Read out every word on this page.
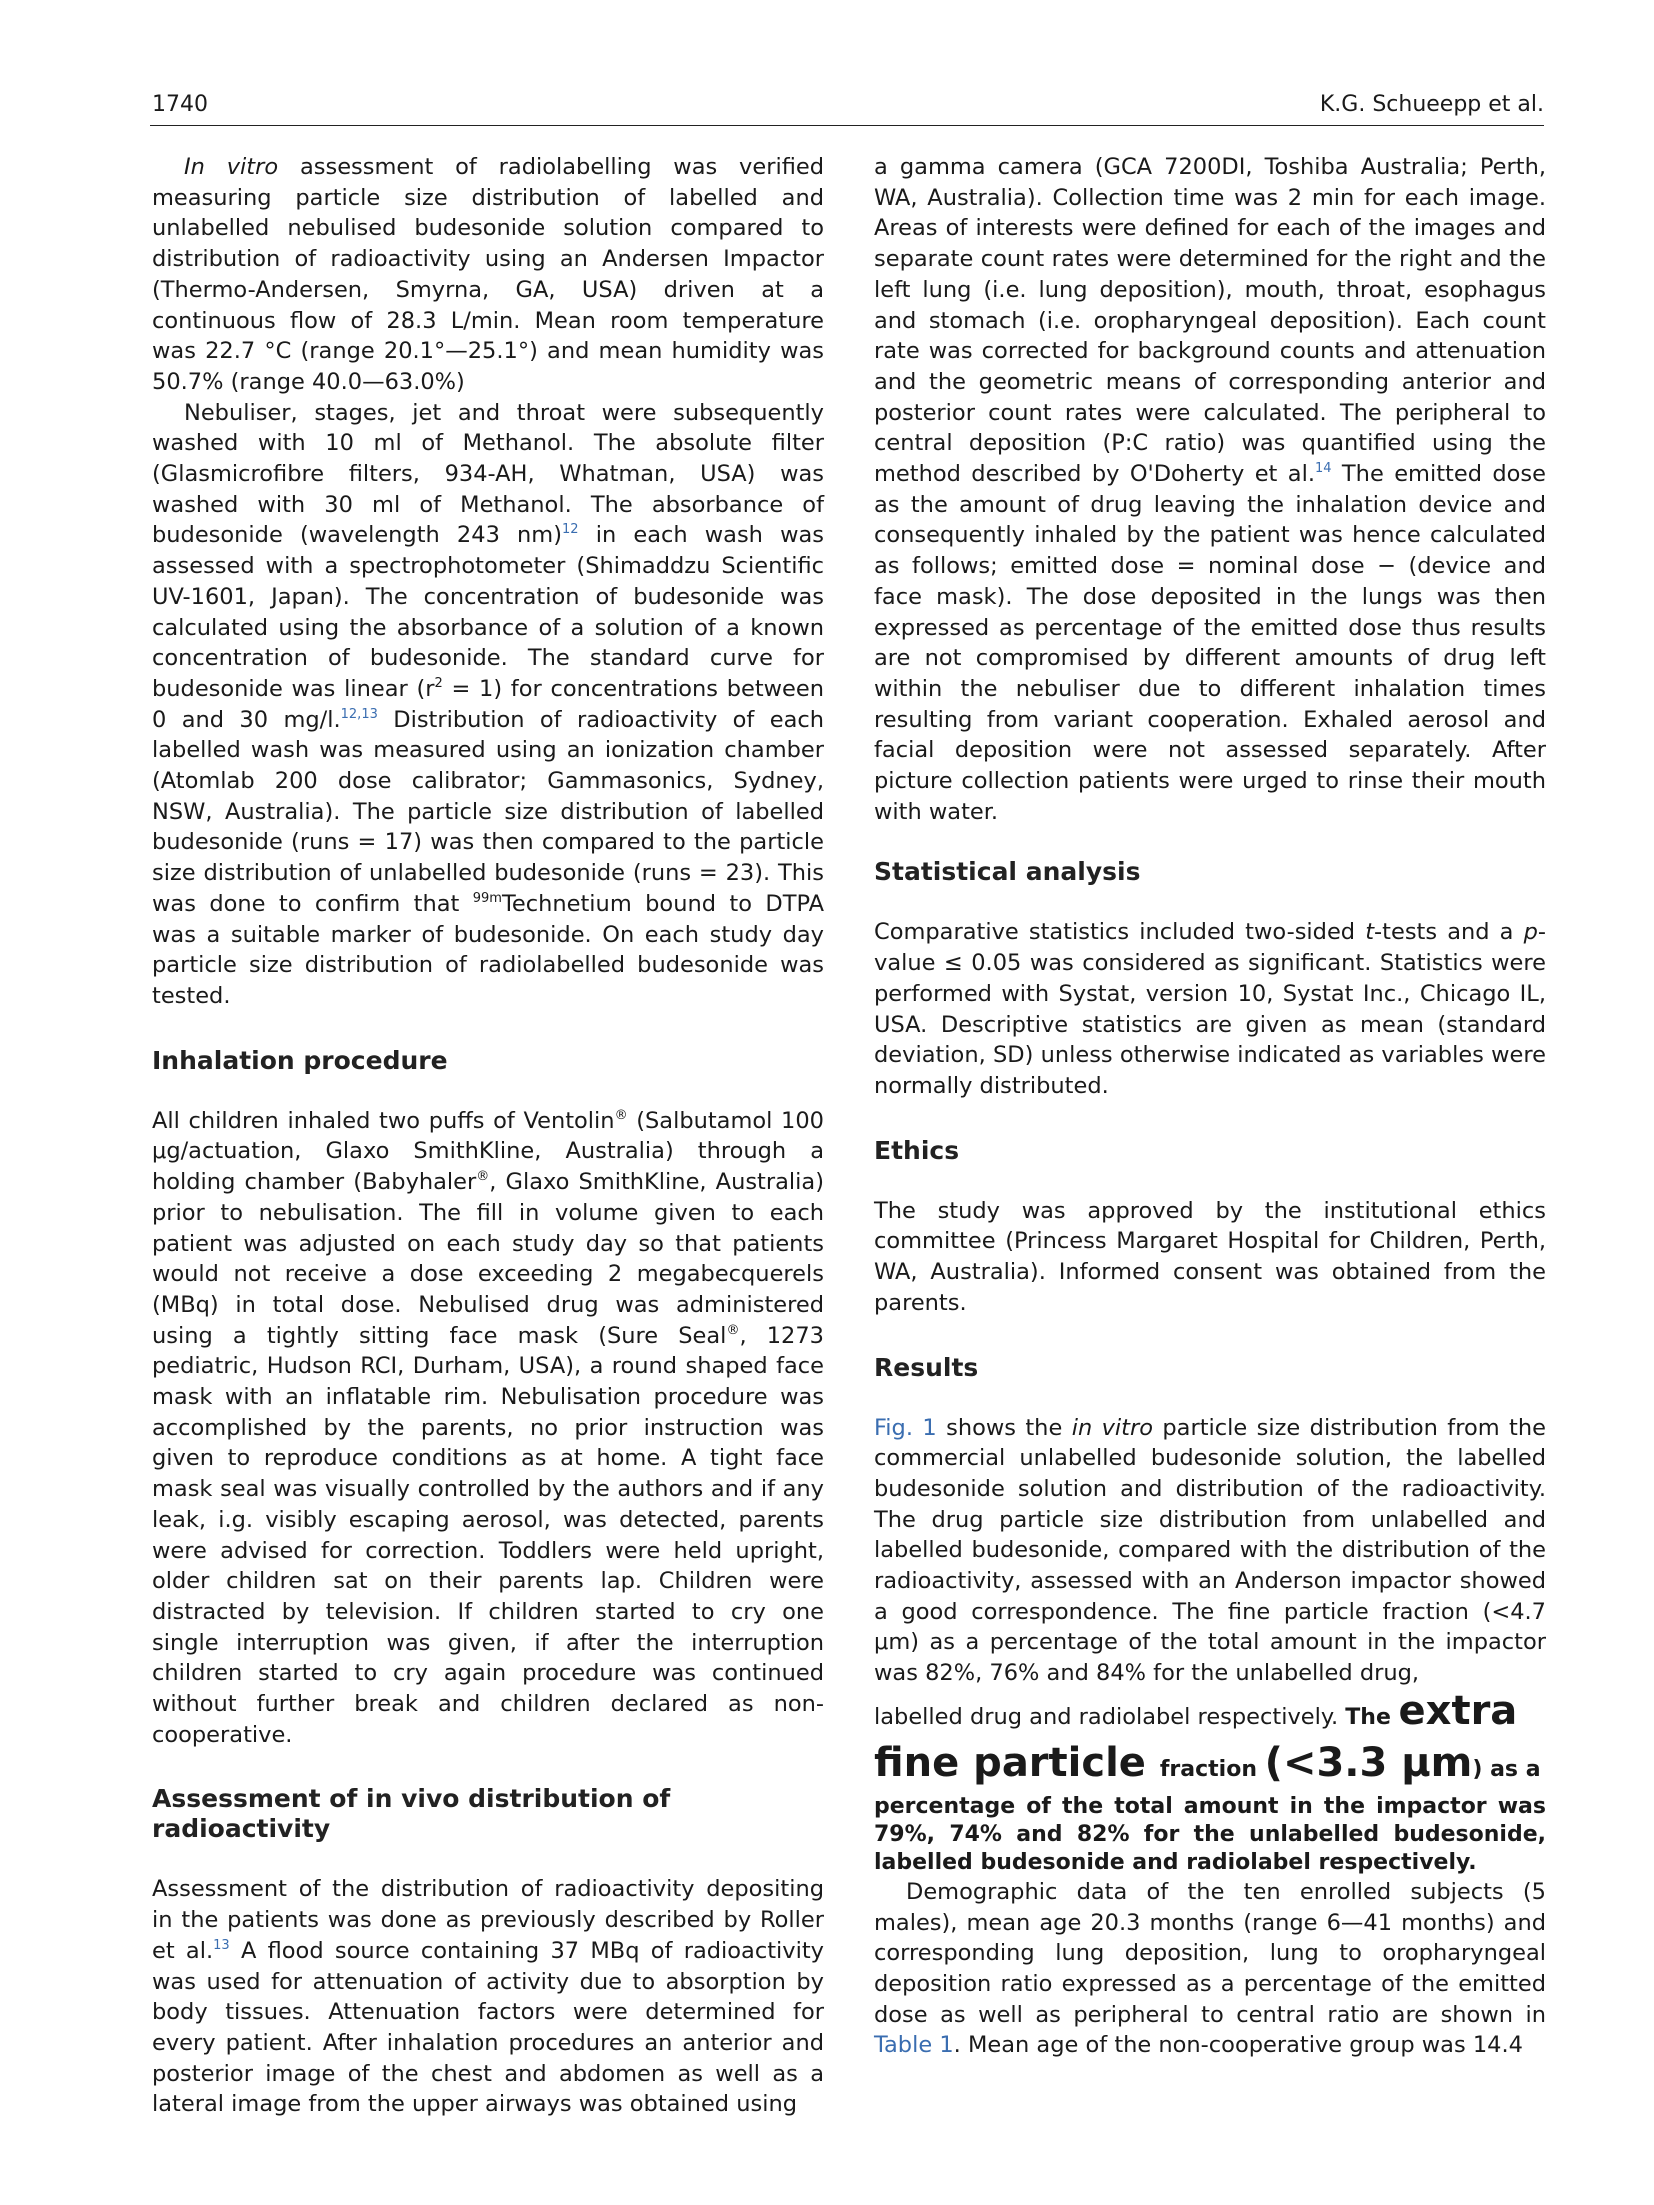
1740	K.G. Schueepp et al.

In vitro assessment of radiolabelling was verified measuring particle size distribution of labelled and unlabelled nebulised budesonide solution compared to distribution of radioactivity using an Andersen Impactor (Thermo-Andersen, Smyrna, GA, USA) driven at a continuous flow of 28.3 L/min. Mean room temperature was 22.7 °C (range 20.1°—25.1°) and mean humidity was 50.7% (range 40.0—63.0%)

Nebuliser, stages, jet and throat were subsequently washed with 10 ml of Methanol. The absolute filter (Glasmicrofibre filters, 934-AH, Whatman, USA) was washed with 30 ml of Methanol. The absorbance of budesonide (wavelength 243 nm)$^{12}$ in each wash was assessed with a spectrophotometer (Shimaddzu Scientific UV-1601, Japan). The concentration of budesonide was calculated using the absorbance of a solution of a known concentration of budesonide. The standard curve for budesonide was linear $(r^2 = 1)$ for concentrations between 0 and 30 mg/l.$^{12,13}$ Distribution of radioactivity of each labelled wash was measured using an ionization chamber (Atomlab 200 dose calibrator; Gammasonics, Sydney, NSW, Australia). The particle size distribution of labelled budesonide (runs = 17) was then compared to the particle size distribution of unlabelled budesonide (runs = 23). This was done to confirm that $^{99m}$Technetium bound to DTPA was a suitable marker of budesonide. On each study day particle size distribution of radiolabelled budesonide was tested.

Inhalation procedure

All children inhaled two puffs of Ventolin® (Salbutamol 100 μg/actuation, Glaxo SmithKline, Australia) through a holding chamber (Babyhaler®, Glaxo SmithKline, Australia) prior to nebulisation. The fill in volume given to each patient was adjusted on each study day so that patients would not receive a dose exceeding 2 megabecquerels (MBq) in total dose. Nebulised drug was administered using a tightly sitting face mask (Sure Seal®, 1273 pediatric, Hudson RCI, Durham, USA), a round shaped face mask with an inflatable rim. Nebulisation procedure was accomplished by the parents, no prior instruction was given to reproduce conditions as at home. A tight face mask seal was visually controlled by the authors and if any leak, i.g. visibly escaping aerosol, was detected, parents were advised for correction. Toddlers were held upright, older children sat on their parents lap. Children were distracted by television. If children started to cry one single interruption was given, if after the interruption children started to cry again procedure was continued without further break and children declared as non-cooperative.

Assessment of in vivo distribution of radioactivity

Assessment of the distribution of radioactivity depositing in the patients was done as previously described by Roller et al.$^{13}$ A flood source containing 37 MBq of radioactivity was used for attenuation of activity due to absorption by body tissues. Attenuation factors were determined for every patient. After inhalation procedures an anterior and posterior image of the chest and abdomen as well as a lateral image from the upper airways was obtained using

a gamma camera (GCA 7200DI, Toshiba Australia; Perth, WA, Australia). Collection time was 2 min for each image. Areas of interests were defined for each of the images and separate count rates were determined for the right and the left lung (i.e. lung deposition), mouth, throat, esophagus and stomach (i.e. oropharyngeal deposition). Each count rate was corrected for background counts and attenuation and the geometric means of corresponding anterior and posterior count rates were calculated. The peripheral to central deposition (P:C ratio) was quantified using the method described by O'Doherty et al.$^{14}$ The emitted dose as the amount of drug leaving the inhalation device and consequently inhaled by the patient was hence calculated as follows; emitted dose = nominal dose − (device and face mask). The dose deposited in the lungs was then expressed as percentage of the emitted dose thus results are not compromised by different amounts of drug left within the nebuliser due to different inhalation times resulting from variant cooperation. Exhaled aerosol and facial deposition were not assessed separately. After picture collection patients were urged to rinse their mouth with water.

Statistical analysis

Comparative statistics included two-sided t-tests and a p-value ≤ 0.05 was considered as significant. Statistics were performed with Systat, version 10, Systat Inc., Chicago IL, USA. Descriptive statistics are given as mean (standard deviation, SD) unless otherwise indicated as variables were normally distributed.

Ethics

The study was approved by the institutional ethics committee (Princess Margaret Hospital for Children, Perth, WA, Australia). Informed consent was obtained from the parents.

Results

Fig. 1 shows the in vitro particle size distribution from the commercial unlabelled budesonide solution, the labelled budesonide solution and distribution of the radioactivity. The drug particle size distribution from unlabelled and labelled budesonide, compared with the distribution of the radioactivity, assessed with an Anderson impactor showed a good correspondence. The fine particle fraction (<4.7 μm) as a percentage of the total amount in the impactor was 82%, 76% and 84% for the unlabelled drug,

labelled drug and radiolabel respectively. The extra

fine particle fraction (<3.3 μm) as a

percentage of the total amount in the impactor was 79%, 74% and 82% for the unlabelled budesonide, labelled budesonide and radiolabel respectively.

Demographic data of the ten enrolled subjects (5 males), mean age 20.3 months (range 6—41 months) and corresponding lung deposition, lung to oropharyngeal deposition ratio expressed as a percentage of the emitted dose as well as peripheral to central ratio are shown in Table 1. Mean age of the non-cooperative group was 14.4
